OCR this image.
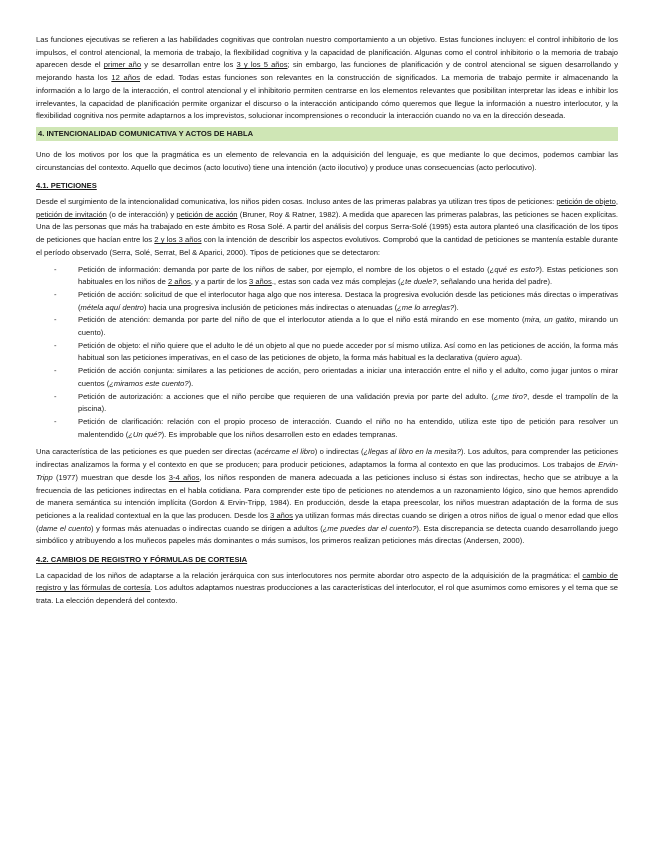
Las funciones ejecutivas se refieren a las habilidades cognitivas que controlan nuestro comportamiento a un objetivo. Estas funciones incluyen: el control inhibitorio de los impulsos, el control atencional, la memoria de trabajo, la flexibilidad cognitiva y la capacidad de planificación. Algunas como el control inhibitorio o la memoria de trabajo aparecen desde el primer año y se desarrollan entre los 3 y los 5 años; sin embargo, las funciones de planificación y de control atencional se siguen desarrollando y mejorando hasta los 12 años de edad. Todas estas funciones son relevantes en la construcción de significados. La memoria de trabajo permite ir almacenando la información a lo largo de la interacción, el control atencional y el inhibitorio permiten centrarse en los elementos relevantes que posibilitan interpretar las ideas e inhibir los irrelevantes, la capacidad de planificación permite organizar el discurso o la interacción anticipando cómo queremos que llegue la información a nuestro interlocutor, y la flexibilidad cognitiva nos permite adaptarnos a los imprevistos, solucionar incomprensiones o reconducir la interacción cuando no va en la dirección deseada.

4. INTENCIONALIDAD COMUNICATIVA Y ACTOS DE HABLA

Uno de los motivos por los que la pragmática es un elemento de relevancia en la adquisición del lenguaje, es que mediante lo que decimos, podemos cambiar las circunstancias del contexto. Aquello que decimos (acto locutivo) tiene una intención (acto ilocutivo) y produce unas consecuencias (acto perlocutivo).

4.1. PETICIONES

Desde el surgimiento de la intencionalidad comunicativa, los niños piden cosas. Incluso antes de las primeras palabras ya utilizan tres tipos de peticiones: petición de objeto, petición de invitación (o de interacción) y petición de acción (Bruner, Roy & Ratner, 1982). A medida que aparecen las primeras palabras, las peticiones se hacen explícitas. Una de las personas que más ha trabajado en este ámbito es Rosa Solé. A partir del análisis del corpus Serra-Solé (1995) esta autora planteó una clasificación de los tipos de peticiones que hacían entre los 2 y los 3 años con la intención de describir los aspectos evolutivos. Comprobó que la cantidad de peticiones se mantenía estable durante el período observado (Serra, Solé, Serrat, Bel & Aparici, 2000). Tipos de peticiones que se detectaron:

-	Petición de información: demanda por parte de los niños de saber, por ejemplo, el nombre de los objetos o el estado (¿qué es esto?). Estas peticiones son habituales en los niños de 2 años, y a partir de los 3 años., estas son cada vez más complejas (¿te duele?, señalando una herida del padre).
-	Petición de acción: solicitud de que el interlocutor haga algo que nos interesa. Destaca la progresiva evolución desde las peticiones más directas o imperativas (métela aquí dentro) hacia una progresiva inclusión de peticiones más indirectas o atenuadas (¿me lo arreglas?).
-	Petición de atención: demanda por parte del niño de que el interlocutor atienda a lo que el niño está mirando en ese momento (mira, un gatito, mirando un cuento).
-	Petición de objeto: el niño quiere que el adulto le dé un objeto al que no puede acceder por sí mismo utiliza. Así como en las peticiones de acción, la forma más habitual son las peticiones imperativas, en el caso de las peticiones de objeto, la forma más habitual es la declarativa (quiero agua).
-	Petición de acción conjunta: similares a las peticiones de acción, pero orientadas a iniciar una interacción entre el niño y el adulto, como jugar juntos o mirar cuentos (¿miramos este cuento?).
-	Petición de autorización: a acciones que el niño percibe que requieren de una validación previa por parte del adulto. (¿me tiro?, desde el trampolín de la piscina).
-	Petición de clarificación: relación con el propio proceso de interacción. Cuando el niño no ha entendido, utiliza este tipo de petición para resolver un malentendido (¿Un qué?). Es improbable que los niños desarrollen esto en edades tempranas.

Una característica de las peticiones es que pueden ser directas (acércame el libro) o indirectas (¿llegas al libro en la mesita?). Los adultos, para comprender las peticiones indirectas analizamos la forma y el contexto en que se producen; para producir peticiones, adaptamos la forma al contexto en que las producimos. Los trabajos de Ervin-Tripp (1977) muestran que desde los 3-4 años, los niños responden de manera adecuada a las peticiones incluso si éstas son indirectas, hecho que se atribuye a la frecuencia de las peticiones indirectas en el habla cotidiana. Para comprender este tipo de peticiones no atendemos a un razonamiento lógico, sino que hemos aprendido de manera semántica su intención implícita (Gordon & Ervin-Tripp, 1984). En producción, desde la etapa preescolar, los niños muestran adaptación de la forma de sus peticiones a la realidad contextual en la que las producen. Desde los 3 años ya utilizan formas más directas cuando se dirigen a otros niños de igual o menor edad que ellos (dame el cuento) y formas más atenuadas o indirectas cuando se dirigen a adultos (¿me puedes dar el cuento?). Esta discrepancia se detecta cuando desarrollando juego simbólico y atribuyendo a los muñecos papeles más dominantes o más sumisos, los primeros realizan peticiones más directas (Andersen, 2000).

4.2. CAMBIOS DE REGISTRO Y FÓRMULAS DE CORTESIA

La capacidad de los niños de adaptarse a la relación jerárquica con sus interlocutores nos permite abordar otro aspecto de la adquisición de la pragmática: el cambio de registro y las fórmulas de cortesía. Los adultos adaptamos nuestras producciones a las características del interlocutor, el rol que asumimos como emisores y el tema que se trata. La elección dependerá del contexto.
